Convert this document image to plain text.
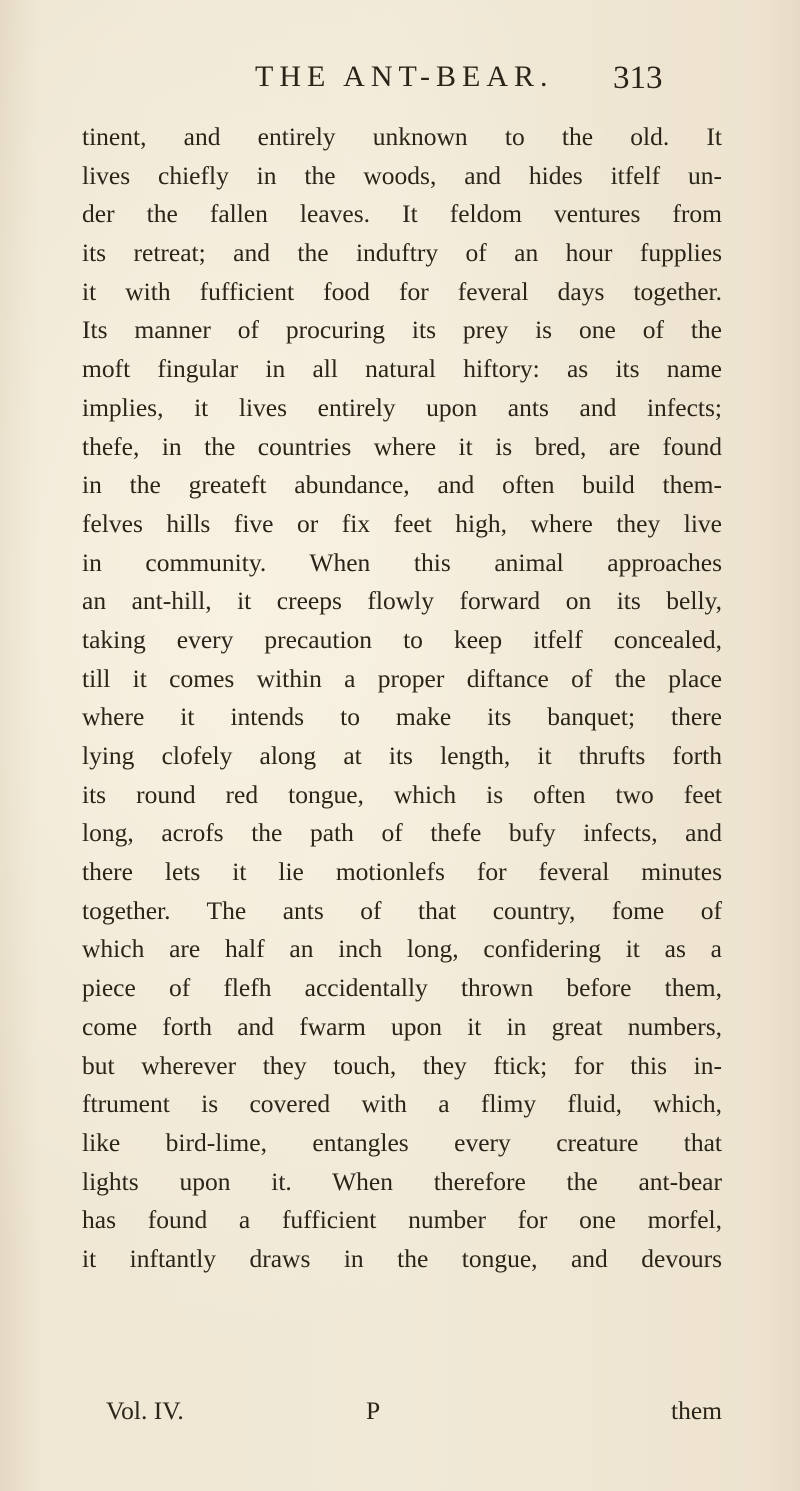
THE ANT-BEAR. 313
tinent, and entirely unknown to the old. It
lives chiefly in the woods, and hides itfelf un-
der the fallen leaves. It feldom ventures from
its retreat; and the induftry of an hour fupplies
it with fufficient food for feveral days together.
Its manner of procuring its prey is one of the
moft fingular in all natural hiftory: as its name
implies, it lives entirely upon ants and infects;
thefe, in the countries where it is bred, are found
in the greateft abundance, and often build them-
felves hills five or fix feet high, where they live
in community. When this animal approaches
an ant-hill, it creeps flowly forward on its belly,
taking every precaution to keep itfelf concealed,
till it comes within a proper diftance of the place
where it intends to make its banquet; there
lying clofely along at its length, it thrufts forth
its round red tongue, which is often two feet
long, acrofs the path of thefe bufy infects, and
there lets it lie motionlefs for feveral minutes
together. The ants of that country, fome of
which are half an inch long, confidering it as a
piece of flefh accidentally thrown before them,
come forth and fwarm upon it in great numbers,
but wherever they touch, they ftick; for this in-
ftrument is covered with a flimy fluid, which,
like bird-lime, entangles every creature that
lights upon it. When therefore the ant-bear
has found a fufficient number for one morfel,
it inftantly draws in the tongue, and devours
Vol. IV.	P	them
